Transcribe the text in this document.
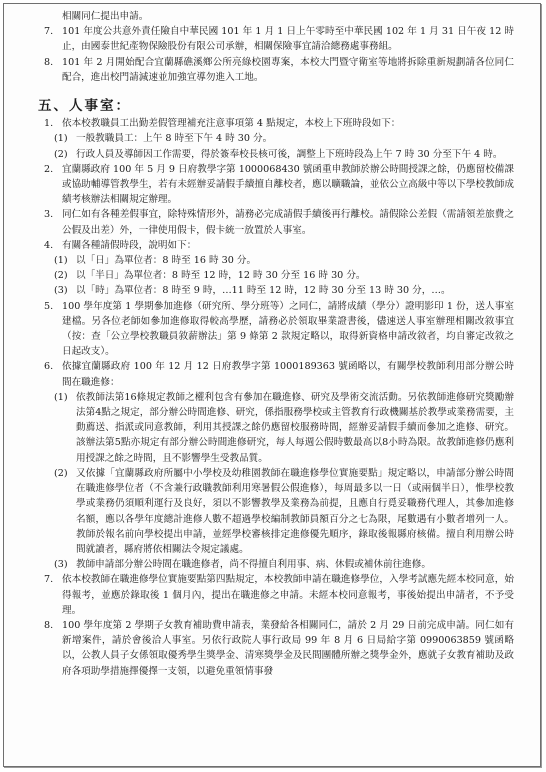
相關同仁提出申請。

7. 101 年度公共意外責任險自中華民國 101 年 1 月 1 日上午零時至中華民國 102 年 1 月 31 日午夜 12 時止，由國泰世紀產物保險股份有限公司承辦，相關保險事宜請洽總務處事務組。
8. 101 年 2 月開始配合宜蘭縣礁溪鄉公所亮綠校園專案，本校大門暨守衛室等地將拆除重新規劃請各位同仁配合，進出校門請減速並加強宣導勿進入工地。
五、人事室：
1. 依本校教職員工出勤差假管理補充注意事項第 4 點規定，本校上下班時段如下：
(1) 一般教職員工：上午 8 時至下午 4 時 30 分。
(2) 行政人員及導師因工作需要，得於簽奉校長核可後，調整上下班時段為上午 7 時 30 分至下午 4 時。
2. 宜蘭縣政府 100 年 5 月 9 日府教學字第 1000068430 號函重申教師於辦公時間授課之餘，仍應留校備課或協助輔導管教學生，若有未經辦妥請假手續擅自離校者，應以曠職論，並依公立高級中等以下學校教師成績考核辦法相關規定辦理。
3. 同仁如有各種差假事宜，除特殊情形外，請務必完成請假手續後再行離校。請假除公差假（需請領差旅費之公假及出差）外，一律使用假卡，假卡統一放置於人事室。
4. 有關各種請假時段，說明如下：
(1) 以「日」為單位者：8 時至 16 時 30 分。
(2) 以「半日」為單位者：8 時至 12 時，12 時 30 分至 16 時 30 分。
(3) 以「時」為單位者：8 時至 9 時，…11 時至 12 時，12 時 30 分至 13 時 30 分，…。
5. 100 學年度第 1 學期參加進修（研究所、學分班等）之同仁，請將成績（學分）證明影印 1 份，送人事室建檔。另各位老師如參加進修取得較高學歷，請務必於領取畢業證書後，儘速送人事室辦理相關改敘事宜（按：查「公立學校教職員敘薪辦法」第 9 條第 2 款規定略以，取得新資格申請改敘者，均自審定改敘之日起改支）。
6. 依據宜蘭縣政府 100 年 12 月 12 日府教學字第 1000189363 號函略以，有關學校教師利用部分辦公時間在職進修：
(1) 依教師法第16條規定教師之權利包含有參加在職進修、研究及學術交流活動。另依教師進修研究獎勵辦法第4點之規定，部分辦公時間進修、研究，係指服務學校或主管教育行政機關基於教學或業務需要，主動薦送、指派或同意教師，利用其授課之餘仍應留校服務時間，經辦妥請假手續而參加之進修、研究。該辦法第5點亦規定有部分辦公時間進修研究，每人每週公假時數最高以8小時為限。故教師進修仍應利用授課之餘之時間，且不影響學生受教品質。
(2) 又依據「宜蘭縣政府所屬中小學校及幼稚園教師在職進修學位實施要點」規定略以，申請部分辦公時間在職進修學位者（不含兼行政職教師利用寒暑假公假進修），每周最多以一日（或兩個半日），惟學校教學或業務仍須順利運行及良好，須以不影響教學及業務為前提，且應自行覓妥職務代理人，其參加進修名額，應以各學年度總計進修人數不超過學校編制教師員額百分之七為限，尾數遇有小數者增列一人。教師於報名前向學校提出申請，並經學校審核排定進修優先順序，錄取後報縣府核備。擅自利用辦公時間就讀者，縣府將依相關法令規定議處。
(3) 教師申請部分辦公時間在職進修者，尚不得擅自利用事、病、休假或補休前往進修。
7. 依本校教師在職進修學位實施要點第四點規定，本校教師申請在職進修學位，入學考試應先經本校同意，始得報考，並應於錄取後 1 個月內，提出在職進修之申請。未經本校同意報考，事後始提出申請者，不予受理。
8. 100 學年度第 2 學期子女教育補助費申請表，業發給各相關同仁，請於 2 月 29 日前完成申請。同仁如有新增案件，請於會後洽人事室。另依行政院人事行政局 99 年 8 月 6 日局給字第 0990063859 號函略以，公教人員子女係領取優秀學生獎學金、清寒獎學金及民間團體所辦之獎學金外，應就子女教育補助及政府各項助學措施擇優擇一支領，以避免重領情事發
